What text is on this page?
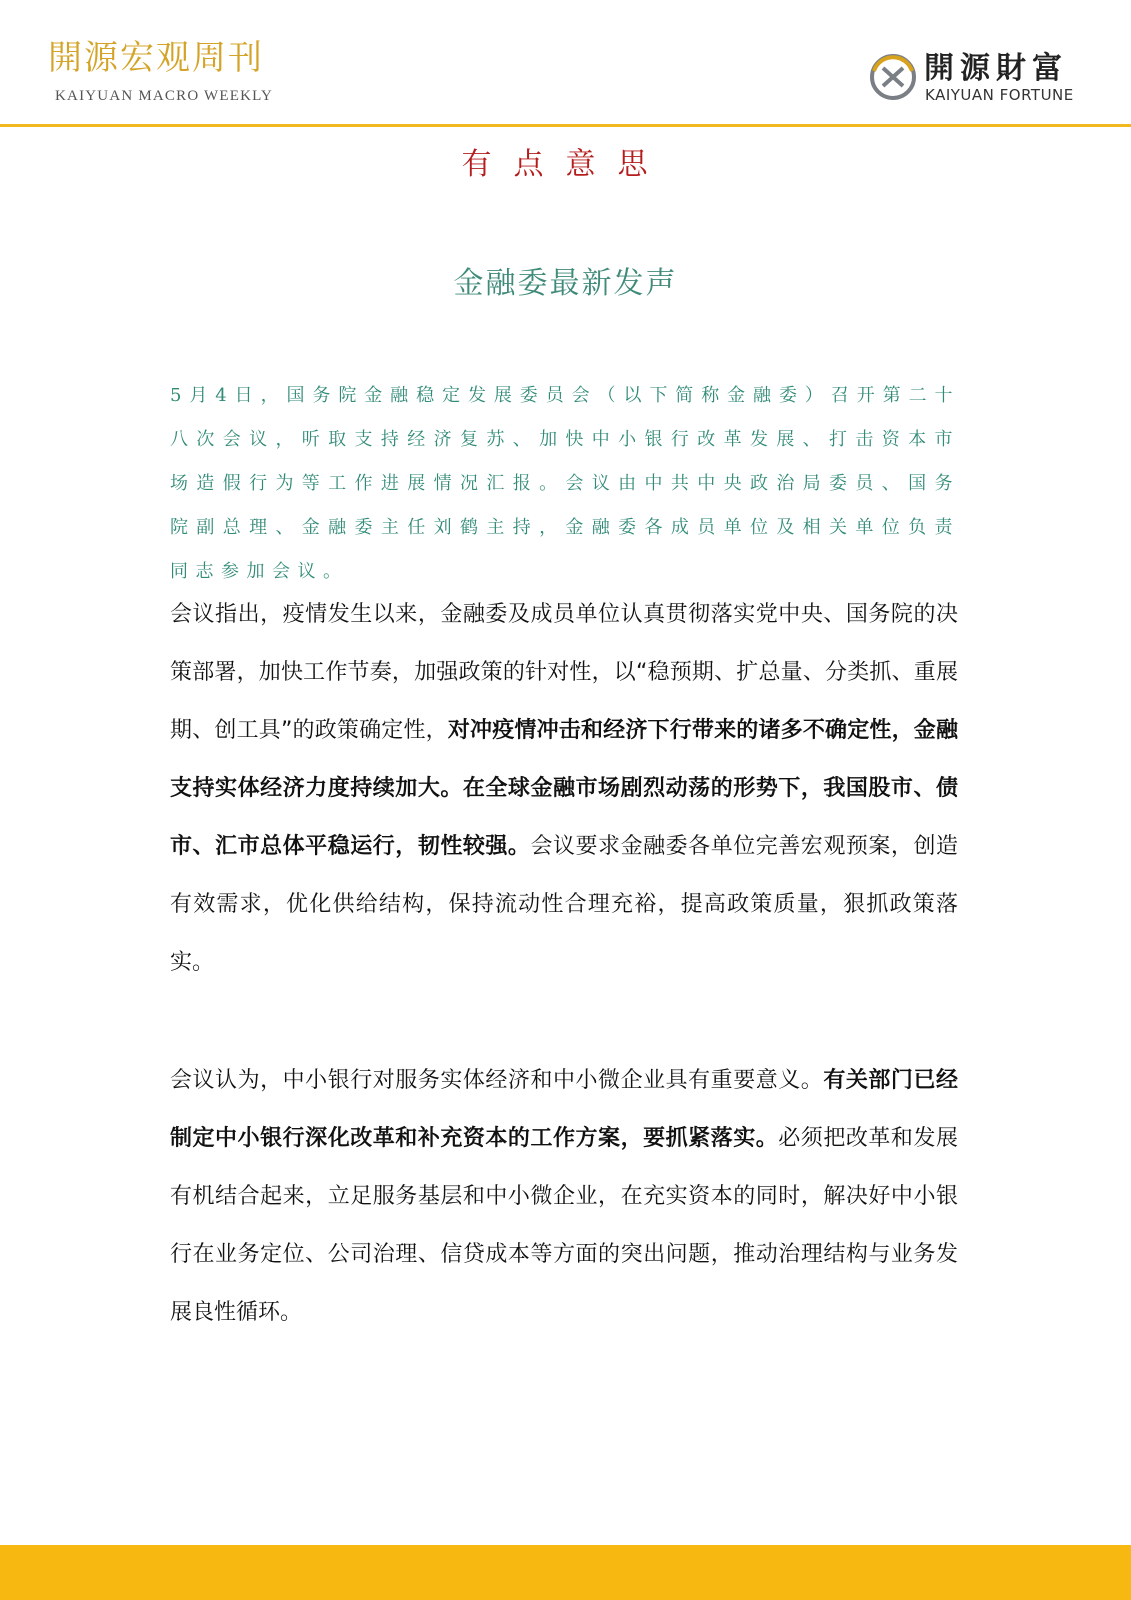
開源宏观周刊
KAIYUAN MACRO WEEKLY
開源財富
KAIYUAN FORTUNE
有点意思
金融委最新发声

5月4日，国务院金融稳定发展委员会（以下简称金融委）召开第二十八次会议，听取支持经济复苏、加快中小银行改革发展、打击资本市场造假行为等工作进展情况汇报。会议由中共中央政治局委员、国务院副总理、金融委主任刘鹤主持，金融委各成员单位及相关单位负责同志参加会议。

会议指出，疫情发生以来，金融委及成员单位认真贯彻落实党中央、国务院的决策部署，加快工作节奏，加强政策的针对性，以“稳预期、扩总量、分类抓、重展期、创工具”的政策确定性，对冲疫情冲击和经济下行带来的诸多不确定性，金融支持实体经济力度持续加大。在全球金融市场剧烈动荡的形势下，我国股市、债市、汇市总体平稳运行，韧性较强。会议要求金融委各单位完善宏观预案，创造有效需求，优化供给结构，保持流动性合理充裕，提高政策质量，狠抓政策落实。

会议认为，中小银行对服务实体经济和中小微企业具有重要意义。有关部门已经制定中小银行深化改革和补充资本的工作方案，要抓紧落实。必须把改革和发展有机结合起来，立足服务基层和中小微企业，在充实资本的同时，解决好中小银行在业务定位、公司治理、信贷成本等方面的突出问题，推动治理结构与业务发展良性循环。
